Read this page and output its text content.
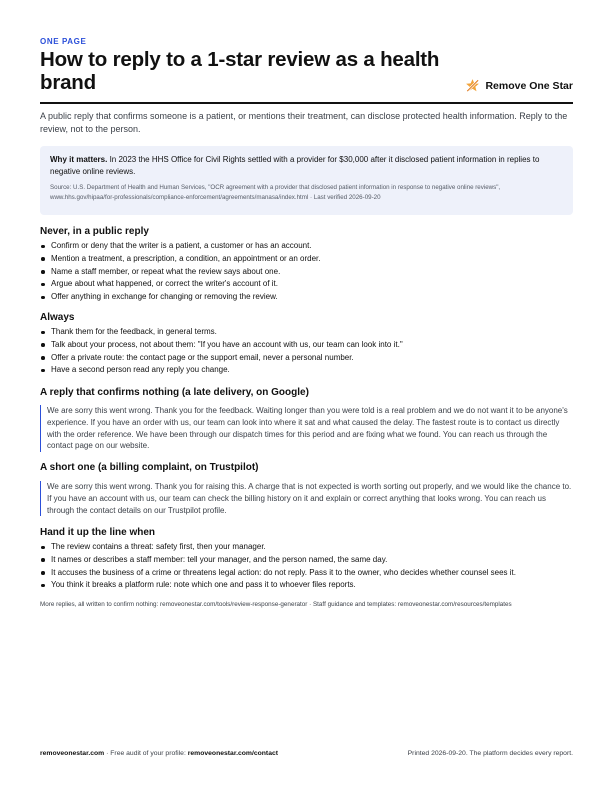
ONE PAGE
How to reply to a 1-star review as a health brand	Remove One Star

A public reply that confirms someone is a patient, or mentions their treatment, can disclose protected health information. Reply to the review, not to the person.

Why it matters. In 2023 the HHS Office for Civil Rights settled with a provider for $30,000 after it disclosed patient information in replies to negative online reviews.

Source: U.S. Department of Health and Human Services, "OCR agreement with a provider that disclosed patient information in response to negative online reviews", www.hhs.gov/hipaa/for-professionals/compliance-enforcement/agreements/manasa/index.html · Last verified 2026-09-20

Never, in a public reply
Confirm or deny that the writer is a patient, a customer or has an account.
Mention a treatment, a prescription, a condition, an appointment or an order.
Name a staff member, or repeat what the review says about one.
Argue about what happened, or correct the writer's account of it.
Offer anything in exchange for changing or removing the review.
Always
Thank them for the feedback, in general terms.
Talk about your process, not about them: "If you have an account with us, our team can look into it."
Offer a private route: the contact page or the support email, never a personal number.
Have a second person read any reply you change.
A reply that confirms nothing (a late delivery, on Google)

We are sorry this went wrong. Thank you for the feedback. Waiting longer than you were told is a real problem and we do not want it to be anyone's experience. If you have an order with us, our team can look into where it sat and what caused the delay. The fastest route is to contact us directly with the order reference. We have been through our dispatch times for this period and are fixing what we found. You can reach us through the contact page on our website.

A short one (a billing complaint, on Trustpilot)

We are sorry this went wrong. Thank you for raising this. A charge that is not expected is worth sorting out properly, and we would like the chance to. If you have an account with us, our team can check the billing history on it and explain or correct anything that looks wrong. You can reach us through the contact details on our Trustpilot profile.

Hand it up the line when
The review contains a threat: safety first, then your manager.
It names or describes a staff member: tell your manager, and the person named, the same day.
It accuses the business of a crime or threatens legal action: do not reply. Pass it to the owner, who decides whether counsel sees it.
You think it breaks a platform rule: note which one and pass it to whoever files reports.

More replies, all written to confirm nothing: removeonestar.com/tools/review-response-generator · Staff guidance and templates: removeonestar.com/resources/templates

removeonestar.com · Free audit of your profile: removeonestar.com/contact	Printed 2026-09-20. The platform decides every report.
